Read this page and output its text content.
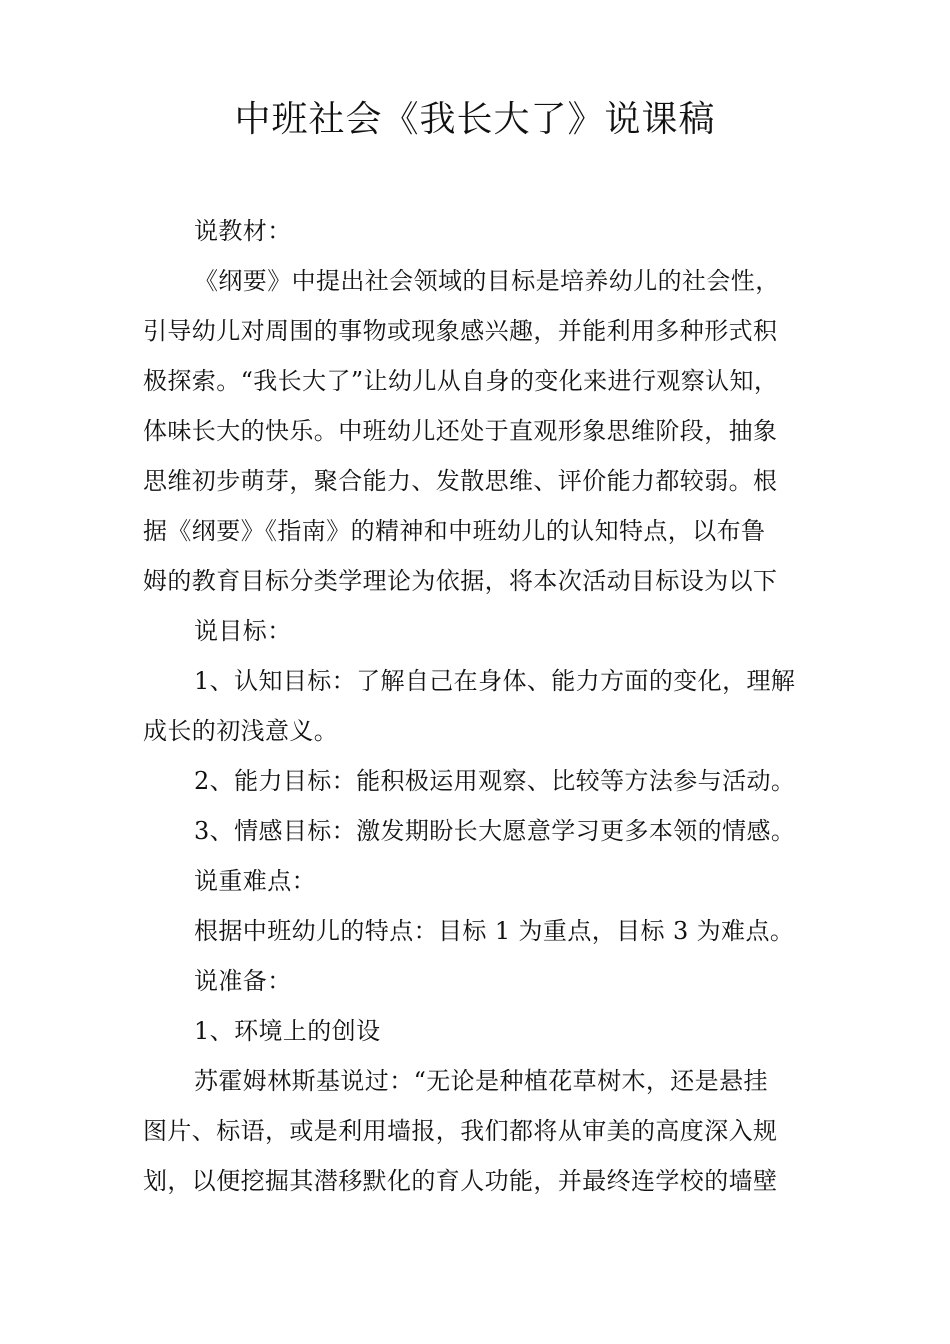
中班社会《我长大了》说课稿
说教材：
《纲要》中提出社会领域的目标是培养幼儿的社会性，
引导幼儿对周围的事物或现象感兴趣，并能利用多种形式积
极探索。“我长大了”让幼儿从自身的变化来进行观察认知，
体味长大的快乐。中班幼儿还处于直观形象思维阶段，抽象
思维初步萌芽，聚合能力、发散思维、评价能力都较弱。根
据《纲要》《指南》的精神和中班幼儿的认知特点，以布鲁
姆的教育目标分类学理论为依据，将本次活动目标设为以下
说目标：
1、认知目标：了解自己在身体、能力方面的变化，理解
成长的初浅意义。
2、能力目标：能积极运用观察、比较等方法参与活动。
3、情感目标：激发期盼长大愿意学习更多本领的情感。
说重难点：
根据中班幼儿的特点：目标 1 为重点，目标 3 为难点。
说准备：
1、环境上的创设
苏霍姆林斯基说过：“无论是种植花草树木，还是悬挂
图片、标语，或是利用墙报，我们都将从审美的高度深入规
划，以便挖掘其潜移默化的育人功能，并最终连学校的墙壁
